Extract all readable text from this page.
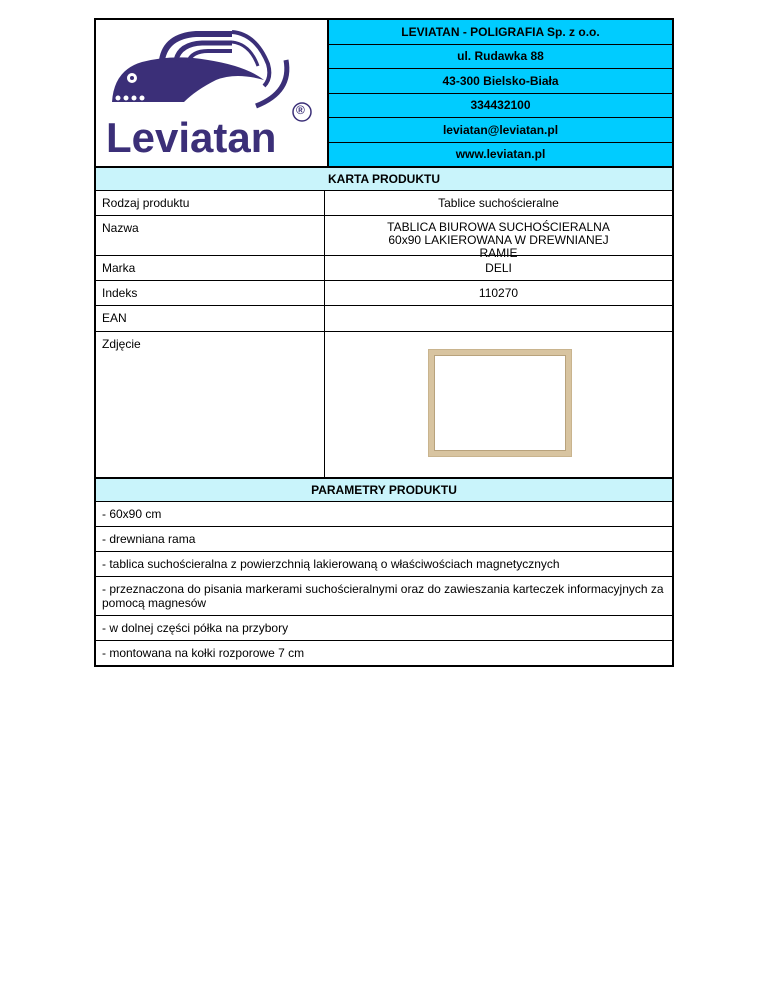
®
Leviatan
LEVIATAN - POLIGRAFIA Sp. z o.o.
ul. Rudawka 88
43-300 Bielsko-Biała
334432100
leviatan@leviatan.pl
www.leviatan.pl
KARTA PRODUKTU
Rodzaj produktu	Tablice suchościeralne
Nazwa	TABLICA BIUROWA SUCHOŚCIERALNA 60x90 LAKIEROWANA W DREWNIANEJ RAMIE
Marka	DELI
Indeks	110270
EAN
Zdjęcie
PARAMETRY PRODUKTU
- 60x90 cm
- drewniana rama
- tablica suchościeralna z powierzchnią lakierowaną o właściwościach magnetycznych
- przeznaczona do pisania markerami suchościeralnymi oraz do zawieszania karteczek informacyjnych za pomocą magnesów
- w dolnej części półka na przybory
- montowana na kołki rozporowe 7 cm
